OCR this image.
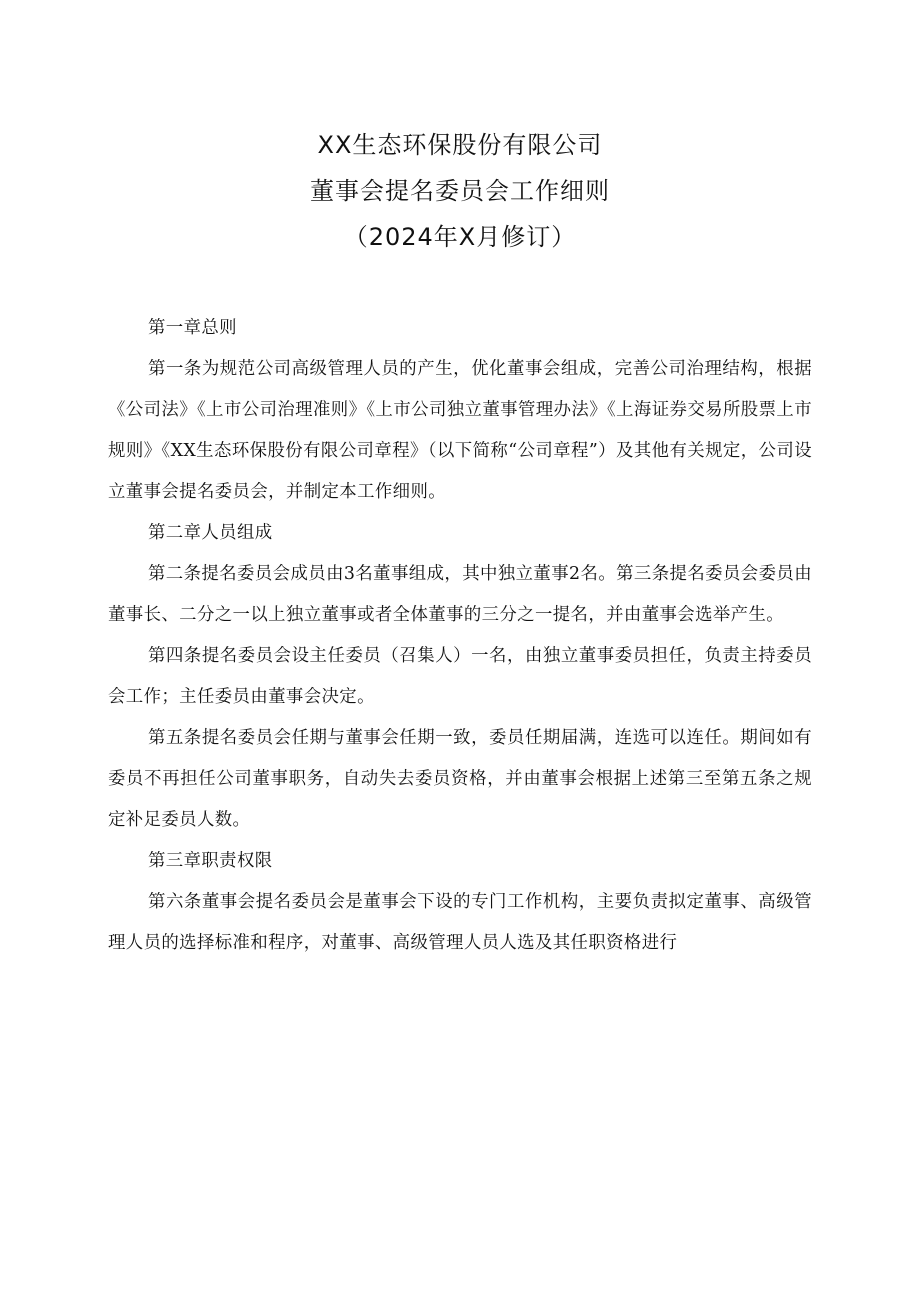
XX生态环保股份有限公司
董事会提名委员会工作细则
（2024年X月修订）

第一章总则

第一条为规范公司高级管理人员的产生，优化董事会组成，完善公司治理结构，根据《公司法》《上市公司治理准则》《上市公司独立董事管理办法》《上海证券交易所股票上市规则》《XX生态环保股份有限公司章程》（以下简称“公司章程”）及其他有关规定，公司设立董事会提名委员会，并制定本工作细则。

第二章人员组成

第二条提名委员会成员由3名董事组成，其中独立董事2名。第三条提名委员会委员由董事长、二分之一以上独立董事或者全体董事的三分之一提名，并由董事会选举产生。

第四条提名委员会设主任委员（召集人）一名，由独立董事委员担任，负责主持委员会工作；主任委员由董事会决定。

第五条提名委员会任期与董事会任期一致，委员任期届满，连选可以连任。期间如有委员不再担任公司董事职务，自动失去委员资格，并由董事会根据上述第三至第五条之规定补足委员人数。

第三章职责权限

第六条董事会提名委员会是董事会下设的专门工作机构，主要负责拟定董事、高级管理人员的选择标准和程序，对董事、高级管理人员人选及其任职资格进行
